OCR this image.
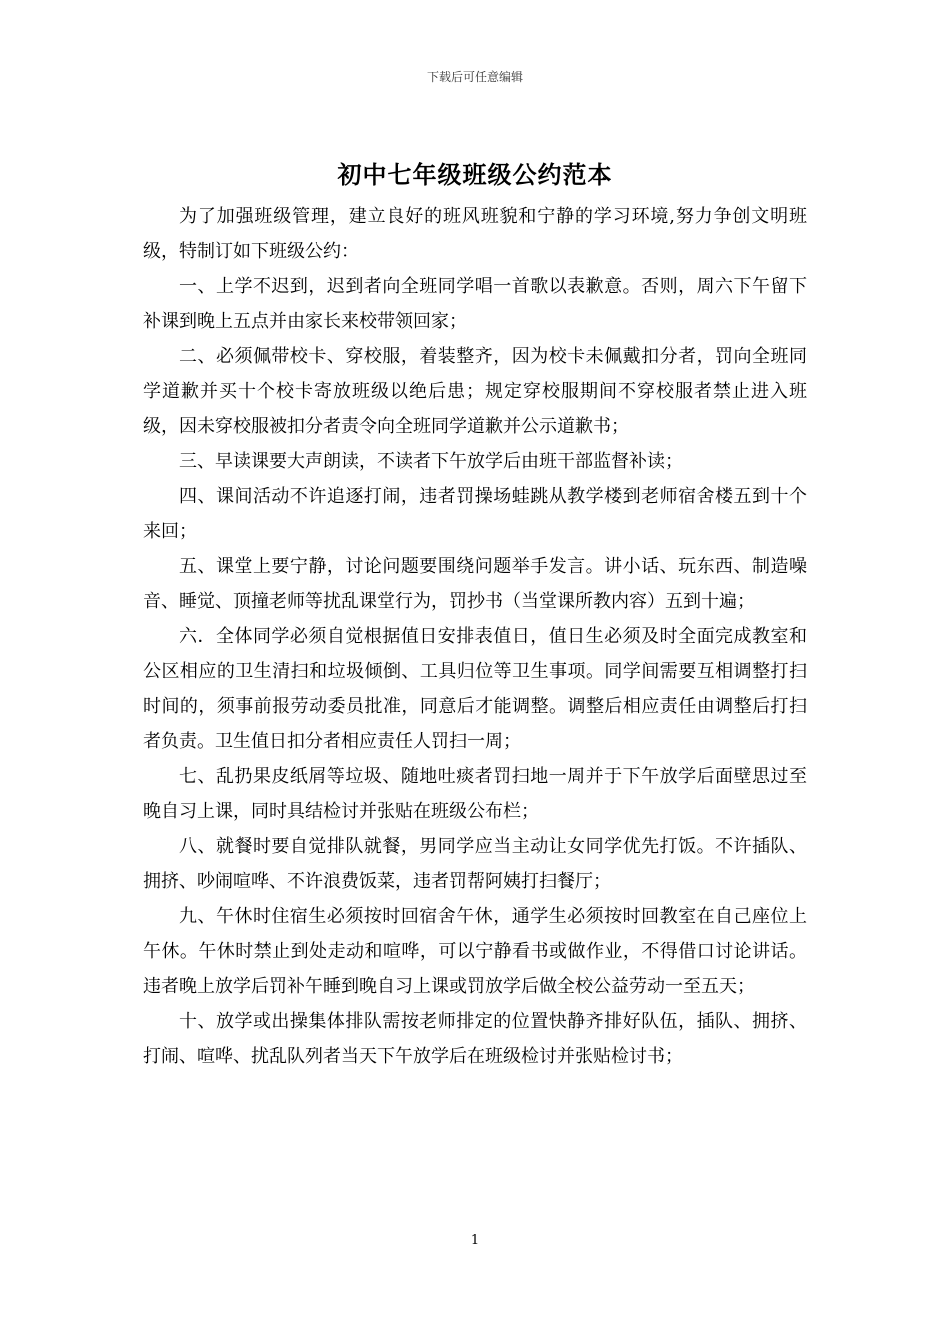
下载后可任意编辑
初中七年级班级公约范本

为了加强班级管理，建立良好的班风班貌和宁静的学习环境,努力争创文明班级，特制订如下班级公约：

一、上学不迟到，迟到者向全班同学唱一首歌以表歉意。否则，周六下午留下补课到晚上五点并由家长来校带领回家；

二、必须佩带校卡、穿校服，着装整齐，因为校卡未佩戴扣分者，罚向全班同学道歉并买十个校卡寄放班级以绝后患；规定穿校服期间不穿校服者禁止进入班级，因未穿校服被扣分者责令向全班同学道歉并公示道歉书；

三、早读课要大声朗读，不读者下午放学后由班干部监督补读；

四、课间活动不许追逐打闹，违者罚操场蛙跳从教学楼到老师宿舍楼五到十个来回；

五、课堂上要宁静，讨论问题要围绕问题举手发言。讲小话、玩东西、制造噪音、睡觉、顶撞老师等扰乱课堂行为，罚抄书（当堂课所教内容）五到十遍；

六．全体同学必须自觉根据值日安排表值日，值日生必须及时全面完成教室和公区相应的卫生清扫和垃圾倾倒、工具归位等卫生事项。同学间需要互相调整打扫时间的，须事前报劳动委员批准，同意后才能调整。调整后相应责任由调整后打扫者负责。卫生值日扣分者相应责任人罚扫一周；

七、乱扔果皮纸屑等垃圾、随地吐痰者罚扫地一周并于下午放学后面壁思过至晚自习上课，同时具结检讨并张贴在班级公布栏；

八、就餐时要自觉排队就餐，男同学应当主动让女同学优先打饭。不许插队、拥挤、吵闹喧哗、不许浪费饭菜，违者罚帮阿姨打扫餐厅；

九、午休时住宿生必须按时回宿舍午休，通学生必须按时回教室在自己座位上午休。午休时禁止到处走动和喧哗，可以宁静看书或做作业，不得借口讨论讲话。违者晚上放学后罚补午睡到晚自习上课或罚放学后做全校公益劳动一至五天；

十、放学或出操集体排队需按老师排定的位置快静齐排好队伍，插队、拥挤、打闹、喧哗、扰乱队列者当天下午放学后在班级检讨并张贴检讨书；

1
